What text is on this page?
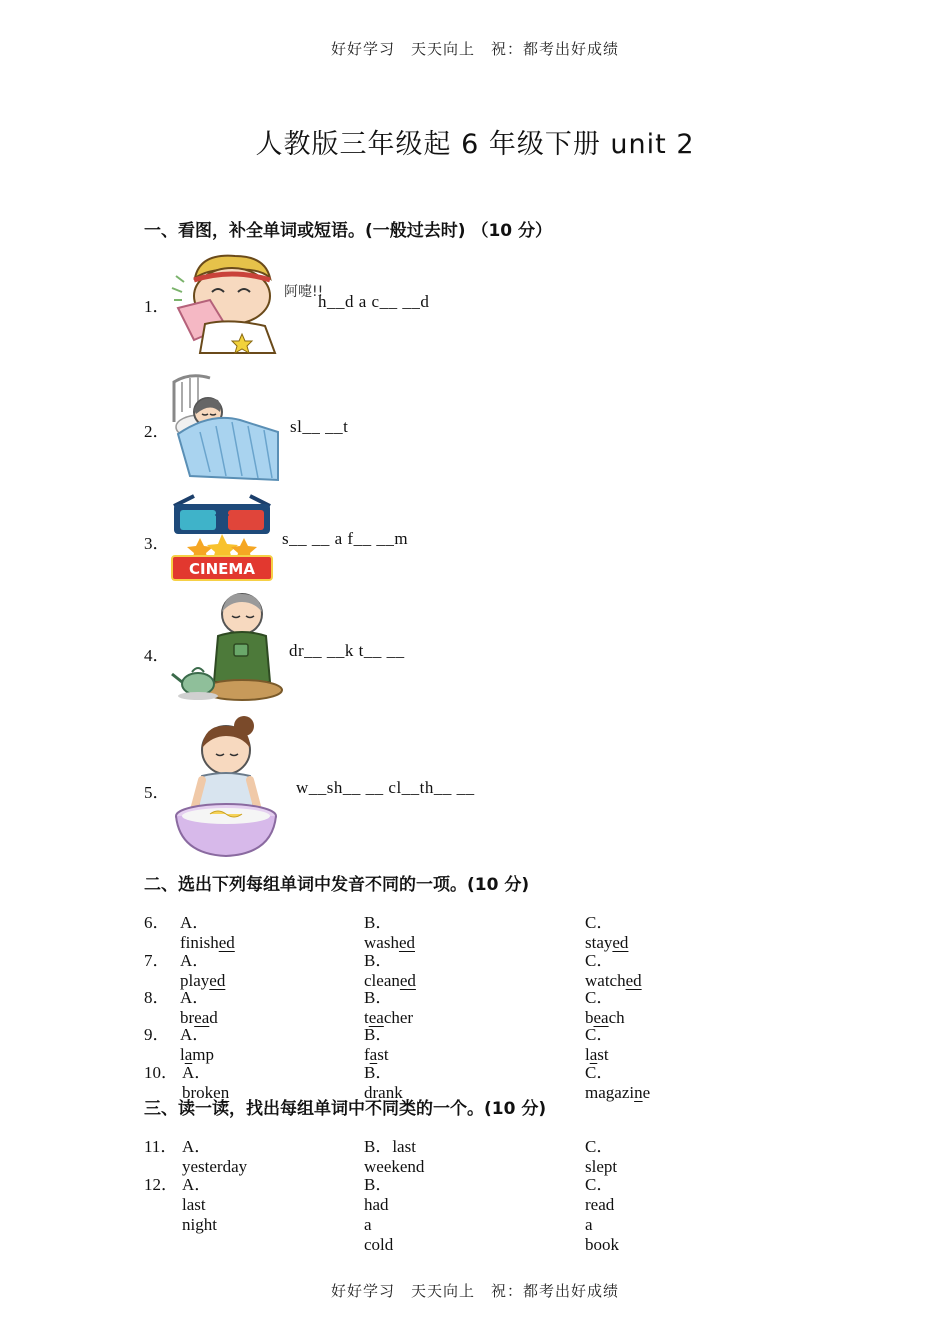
好好学习　天天向上　祝：都考出好成绩
人教版三年级起 6 年级下册 unit 2
一、看图，补全单词或短语。(一般过去时) （10 分）
1．
阿嚏!!
h__d a c__ __d
2．	sl__ __t
3．
CINEMA
s__ __ a f__ __m
4．	dr__ __k t__ __
5．	w__sh__ __ cl__th__ __
二、选出下列每组单词中发音不同的一项。(10 分)
6． A．finished
B．washed
C．stayed
7． A．played
B．cleaned
C．watched
8． A．bread
B．teacher
C．beach
9． A．lamp
B．fast
C．last
10． A．broken
B．drank
C．magazine
三、读一读，找出每组单词中不同类的一个。(10 分)
11． A．yesterday
B．last weekend
C．slept
12． A．last night
B．had a cold
C．read a book
好好学习　天天向上　祝：都考出好成绩
